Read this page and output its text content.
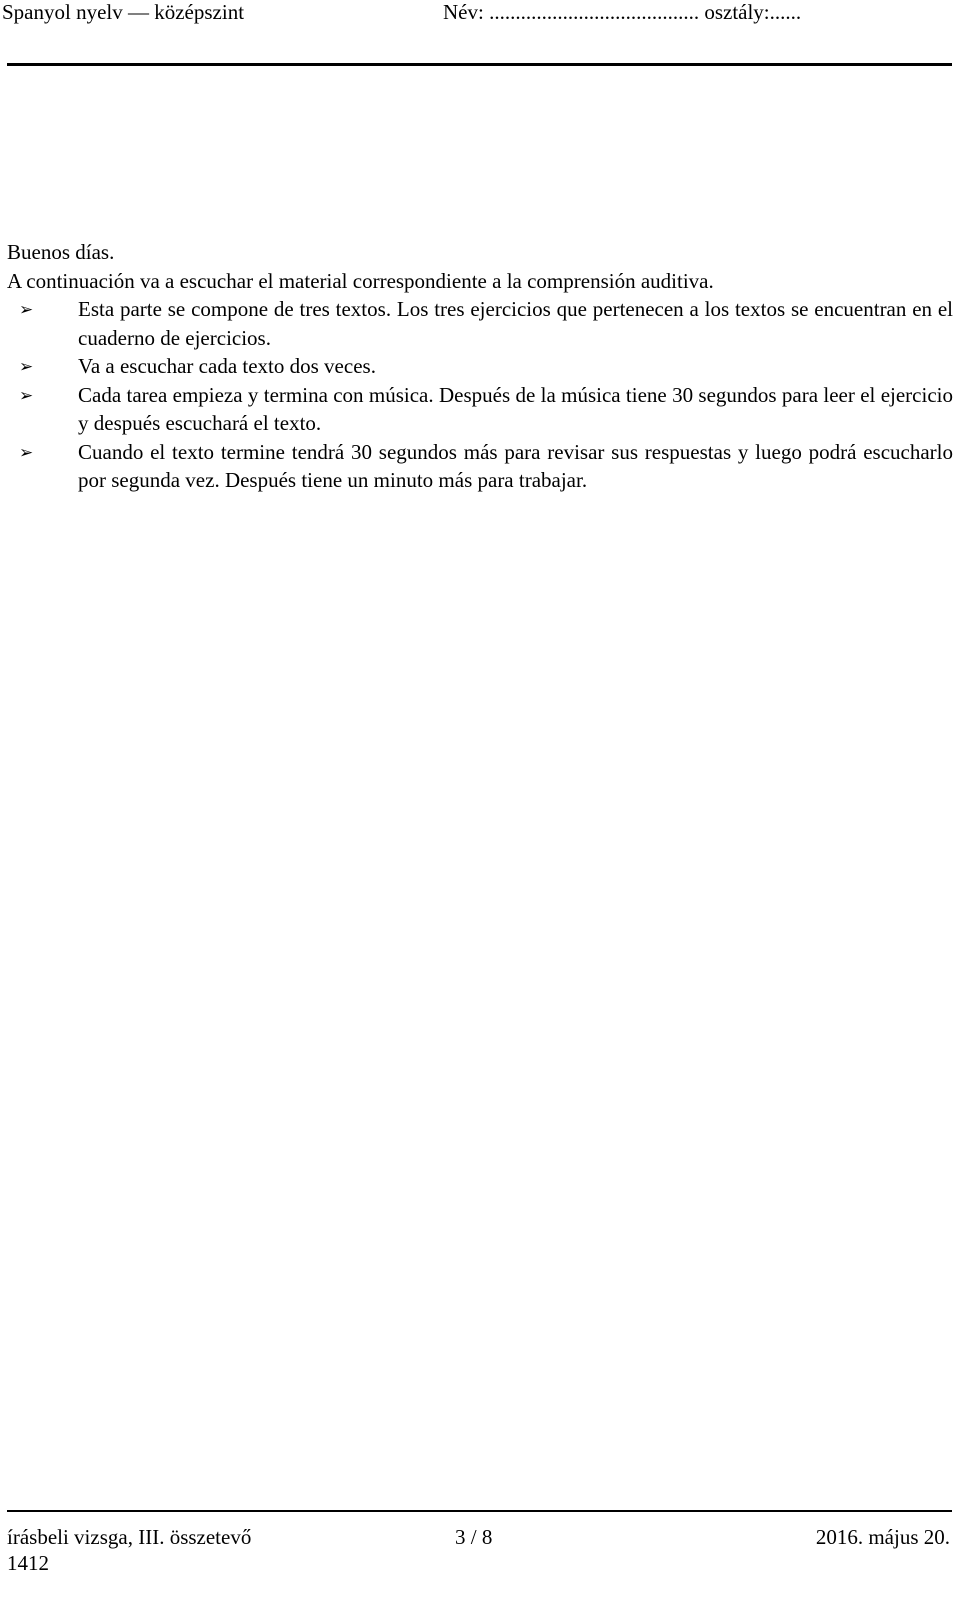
Spanyol nyelv — középszint	Név: ........................................ osztály:......

Buenos días.

A continuación va a escuchar el material correspondiente a la comprensión auditiva.

➢ Esta parte se compone de tres textos. Los tres ejercicios que pertenecen a los textos se encuentran en el cuaderno de ejercicios.
➢ Va a escuchar cada texto dos veces.
➢ Cada tarea empieza y termina con música. Después de la música tiene 30 segundos para leer el ejercicio y después escuchará el texto.
➢ Cuando el texto termine tendrá 30 segundos más para revisar sus respuestas y luego podrá escucharlo por segunda vez. Después tiene un minuto más para trabajar.
írásbeli vizsga, III. összetevő	3 / 8	2016. május 20.
1412
